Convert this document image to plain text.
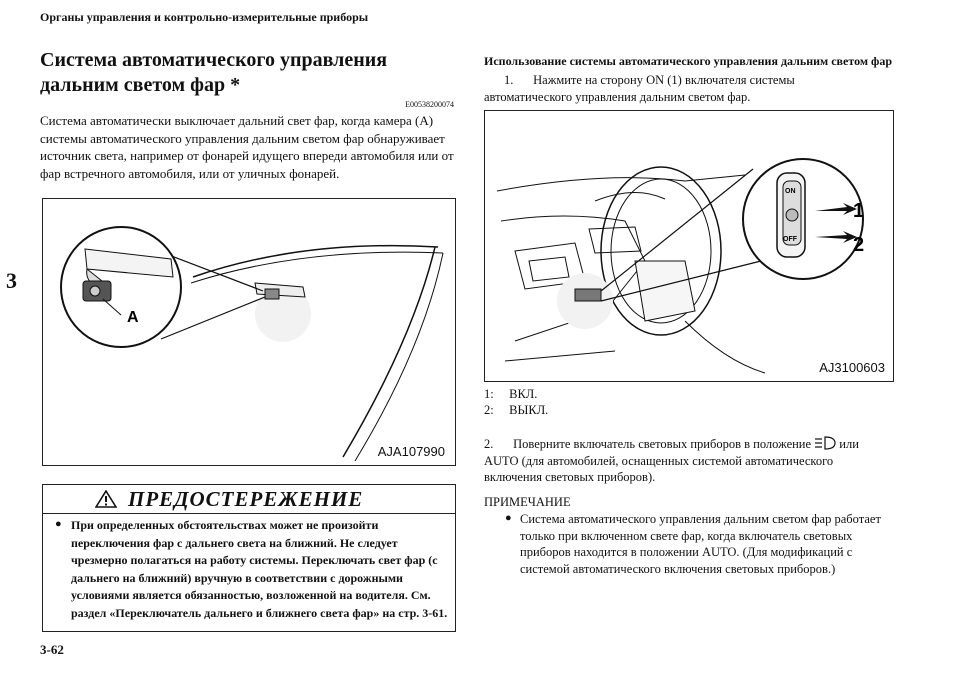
Органы управления и контрольно-измерительные приборы
3
3-62
Система автоматического управления дальним светом фар *
E00538200074
Система автоматически выключает дальний свет фар, когда камера (А) системы автоматического управления дальним светом фар обнаруживает источник света, например от фонарей идущего впереди автомобиля или от фар встречного автомобиля, или от уличных фонарей.
A
AJA107990
ПРЕДОСТЕРЕЖЕНИЕ
● При определенных обстоятельствах может не произойти переключения фар с дальнего света на ближний. Не следует чрезмерно полагаться на работу системы. Переключать свет фар (с дальнего на ближний) вручную в соответствии с дорожными условиями является обязанностью, возложенной на водителя. См. раздел «Переключатель дальнего и ближнего света фар» на стр. 3-61.
Использование системы автоматического управления дальним светом фар
1. Нажмите на сторону ON (1) включателя системы автоматического управления дальним светом фар.
ON
OFF
1
2
AJ3100603
1: ВКЛ.
2: ВЫКЛ.
2. Поверните включатель световых приборов в положение или AUTO (для автомобилей, оснащенных системой автоматического включения световых приборов).
ПРИМЕЧАНИЕ
● Система автоматического управления дальним светом фар работает только при включенном свете фар, когда включатель световых приборов находится в положении AUTO. (Для модификаций с системой автоматического включения световых приборов.)
